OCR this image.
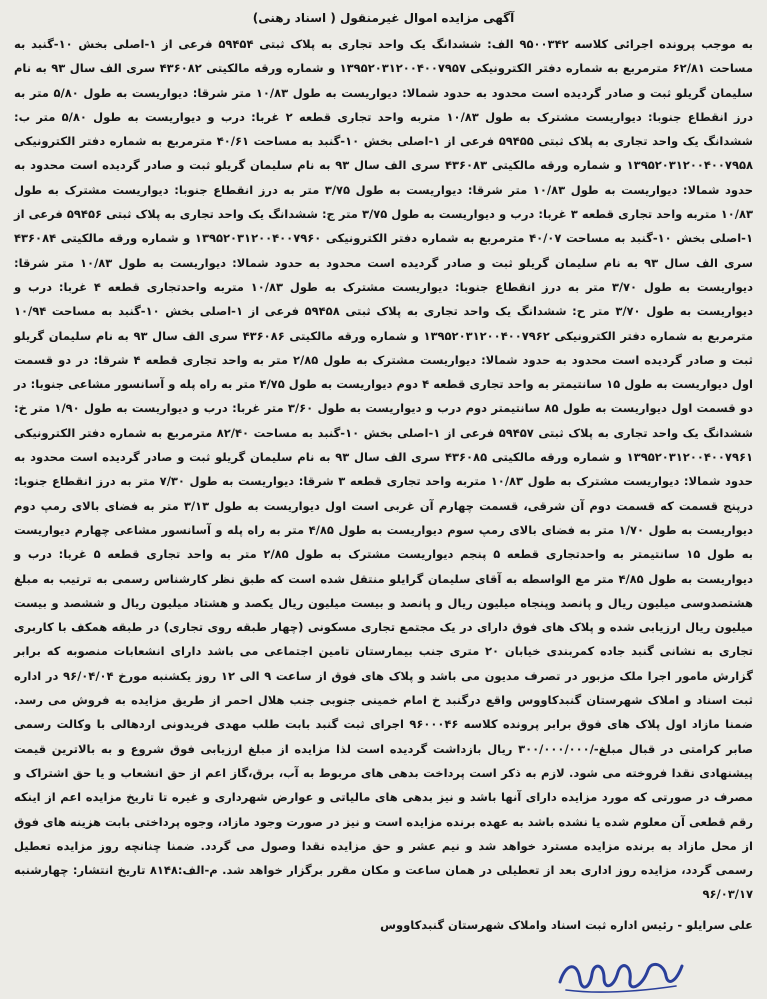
آگهی مزایده اموال غیرمنقول ( اسناد رهنی)

به موجب پرونده اجرائی کلاسه ۹۵۰۰۳۴۲ الف: ششدانگ یک واحد تجاری به پلاک ثبتی ۵۹۴۵۴ فرعی از ۱-اصلی بخش ۱۰-گنبد به مساحت ۶۲/۸۱ مترمربع به شماره دفتر الکترونیکی ۱۳۹۵۲۰۳۱۲۰۰۴۰۰۷۹۵۷ و شماره ورقه مالکیتی ۴۳۶۰۸۲ سری الف سال ۹۳ به نام سلیمان گریلو ثبت و صادر گردیده است محدود به حدود شمالا: دیواریست به طول ۱۰/۸۳ متر شرقا: دیواریست به طول ۵/۸۰ متر به درز انقطاع جنوبا: دیواریست مشترک به طول ۱۰/۸۳ متربه واحد تجاری قطعه ۲ غربا: درب و دیواریست به طول ۵/۸۰ متر ب: ششدانگ یک واحد تجاری به پلاک ثبتی ۵۹۴۵۵ فرعی از ۱-اصلی بخش ۱۰-گنبد به مساحت ۴۰/۶۱ مترمربع به شماره دفتر الکترونیکی ۱۳۹۵۲۰۳۱۲۰۰۴۰۰۷۹۵۸ و شماره ورقه مالکیتی ۴۳۶۰۸۳ سری الف سال ۹۳ به نام سلیمان گریلو ثبت و صادر گردیده است محدود به حدود شمالا: دیواریست به طول ۱۰/۸۳ متر شرقا: دیواریست به طول ۳/۷۵ متر به درز انقطاع جنوبا: دیواریست مشترک به طول ۱۰/۸۳ متربه واحد تجاری قطعه ۳ غربا: درب و دیواریست به طول ۳/۷۵ متر ج: ششدانگ یک واحد تجاری به پلاک ثبتی ۵۹۴۵۶ فرعی از ۱-اصلی بخش ۱۰-گنبد به مساحت ۴۰/۰۷ مترمربع به شماره دفتر الکترونیکی ۱۳۹۵۲۰۳۱۲۰۰۴۰۰۷۹۶۰ و شماره ورقه مالکیتی ۴۳۶۰۸۴ سری الف سال ۹۳ به نام سلیمان گریلو ثبت و صادر گردیده است محدود به حدود شمالا: دیواریست به طول ۱۰/۸۳ متر شرقا: دیواریست به طول ۳/۷۰ متر به درز انقطاع جنوبا: دیواریست مشترک به طول ۱۰/۸۳ متربه واحدتجاری قطعه ۴ غربا: درب و دیواریست به طول ۳/۷۰ متر ح: ششدانگ یک واحد تجاری به پلاک ثبتی ۵۹۴۵۸ فرعی از ۱-اصلی بخش ۱۰-گنبد به مساحت ۱۰/۹۴ مترمربع به شماره دفتر الکترونیکی ۱۳۹۵۲۰۳۱۲۰۰۴۰۰۷۹۶۲ و شماره ورقه مالکیتی ۴۳۶۰۸۶ سری الف سال ۹۳ به نام سلیمان گریلو ثبت و صادر گردیده است محدود به حدود شمالا: دیواریست مشترک به طول ۲/۸۵ متر به واحد تجاری قطعه ۴ شرقا: در دو قسمت اول دیواریست به طول ۱۵ سانتیمتر به واحد تجاری قطعه ۴ دوم دیواریست به طول ۴/۷۵ متر به راه پله و آسانسور مشاعی جنوبا: در دو قسمت اول دیواریست به طول ۸۵ سانتیمتر دوم درب و دیواریست به طول ۳/۶۰ متر غربا: درب و دیواریست به طول ۱/۹۰ متر خ: ششدانگ یک واحد تجاری به پلاک ثبتی ۵۹۴۵۷ فرعی از ۱-اصلی بخش ۱۰-گنبد به مساحت ۸۲/۴۰ مترمربع به شماره دفتر الکترونیکی ۱۳۹۵۲۰۳۱۲۰۰۴۰۰۷۹۶۱ و شماره ورقه مالکیتی ۴۳۶۰۸۵ سری الف سال ۹۳ به نام سلیمان گریلو ثبت و صادر گردیده است محدود به حدود شمالا: دیواریست مشترک به طول ۱۰/۸۳ متربه واحد تجاری قطعه ۳ شرقا: دیواریست به طول ۷/۳۰ متر به درز انقطاع جنوبا: درپنج قسمت که قسمت دوم آن شرقی، قسمت چهارم آن غربی است اول دیواریست به طول ۳/۱۳ متر به فضای بالای رمپ دوم دیواریست به طول ۱/۷۰ متر به فضای بالای رمپ سوم دیواریست به طول ۴/۸۵ متر به راه پله و آسانسور مشاعی چهارم دیواریست به طول ۱۵ سانتیمتر به واحدتجاری قطعه ۵ پنجم دیواریست مشترک به طول ۲/۸۵ متر به واحد تجاری قطعه ۵ غربا: درب و دیواریست به طول ۴/۸۵ متر مع الواسطه به آقای سلیمان گرایلو منتقل شده است که طبق نظر کارشناس رسمی به ترتیب به مبلغ هشتصدوسی میلیون ریال و پانصد وپنجاه میلیون ریال و پانصد و بیست میلیون ریال یکصد و هشتاد میلیون ریال و ششصد و بیست میلیون ریال ارزیابی شده و پلاک های فوق دارای در یک مجتمع تجاری مسکونی (چهار طبقه روی تجاری) در طبقه همکف با کاربری تجاری به نشانی گنبد جاده کمربندی خیابان ۲۰ متری جنب بیمارستان تامین اجتماعی می باشد دارای انشعابات منصوبه که برابر گزارش مامور اجرا ملک مزبور در تصرف مدیون می باشد و پلاک های فوق از ساعت ۹ الی ۱۲ روز یکشنبه مورخ ۹۶/۰۴/۰۴ در اداره ثبت اسناد و املاک شهرستان گنبدکاووس واقع درگنبد خ امام خمینی جنوبی جنب هلال احمر از طریق مزایده به فروش می رسد. ضمنا مازاد اول پلاک های فوق برابر پرونده کلاسه ۹۶۰۰۰۴۶ اجرای ثبت گنبد بابت طلب مهدی فریدونی اردهالی با وکالت رسمی صابر کرامتی در قبال مبلغ-/۳۰۰/۰۰۰/۰۰۰ ریال بازداشت گردیده است لذا مزایده از مبلغ ارزیابی فوق شروع و به بالاترین قیمت پیشنهادی نقدا فروخته می شود. لازم به ذکر است پرداخت بدهی های مربوط به آب، برق،گاز اعم از حق انشعاب و یا حق اشتراک و مصرف در صورتی که مورد مزایده دارای آنها باشد و نیز بدهی های مالیاتی و عوارض شهرداری و غیره تا تاریخ مزایده اعم از اینکه رقم قطعی آن معلوم شده یا نشده باشد به عهده برنده مزایده است و نیز در صورت وجود مازاد، وجوه پرداختی بابت هزینه های فوق از محل مازاد به برنده مزایده مسترد خواهد شد و نیم عشر و حق مزایده نقدا وصول می گردد. ضمنا چنانچه روز مزایده تعطیل رسمی گردد، مزایده روز اداری بعد از تعطیلی در همان ساعت و مکان مقرر برگزار خواهد شد. م-الف:۸۱۴۸ تاریخ انتشار: چهارشنبه ۹۶/۰۳/۱۷

علی سرایلو - رئیس اداره ثبت اسناد واملاک شهرستان گنبدکاووس
